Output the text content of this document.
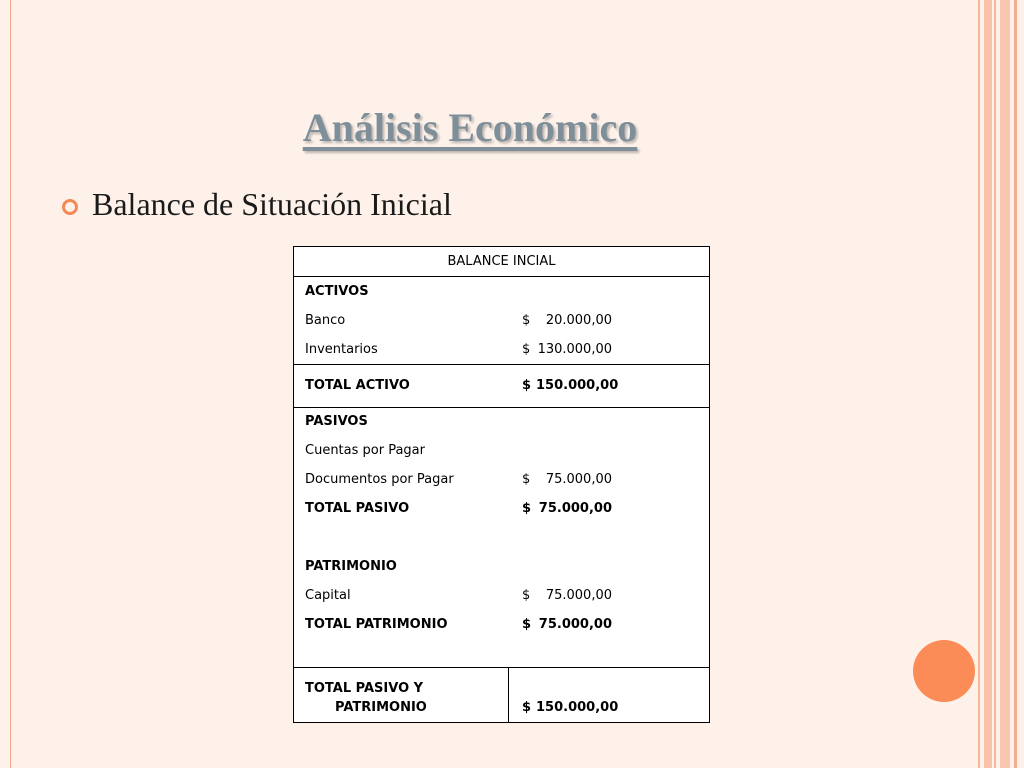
Análisis Económico
Balance de Situación Inicial
BALANCE INCIAL
ACTIVOS
Banco	$	20.000,00
Inventarios	$ 130.000,00
TOTAL ACTIVO	$ 150.000,00
PASIVOS
Cuentas por Pagar
Documentos por Pagar	$	75.000,00
TOTAL PASIVO	$ 75.000,00
PATRIMONIO
Capital	$	75.000,00
TOTAL PATRIMONIO	$ 75.000,00
TOTAL PASIVO Y
PATRIMONIO	$ 150.000,00
